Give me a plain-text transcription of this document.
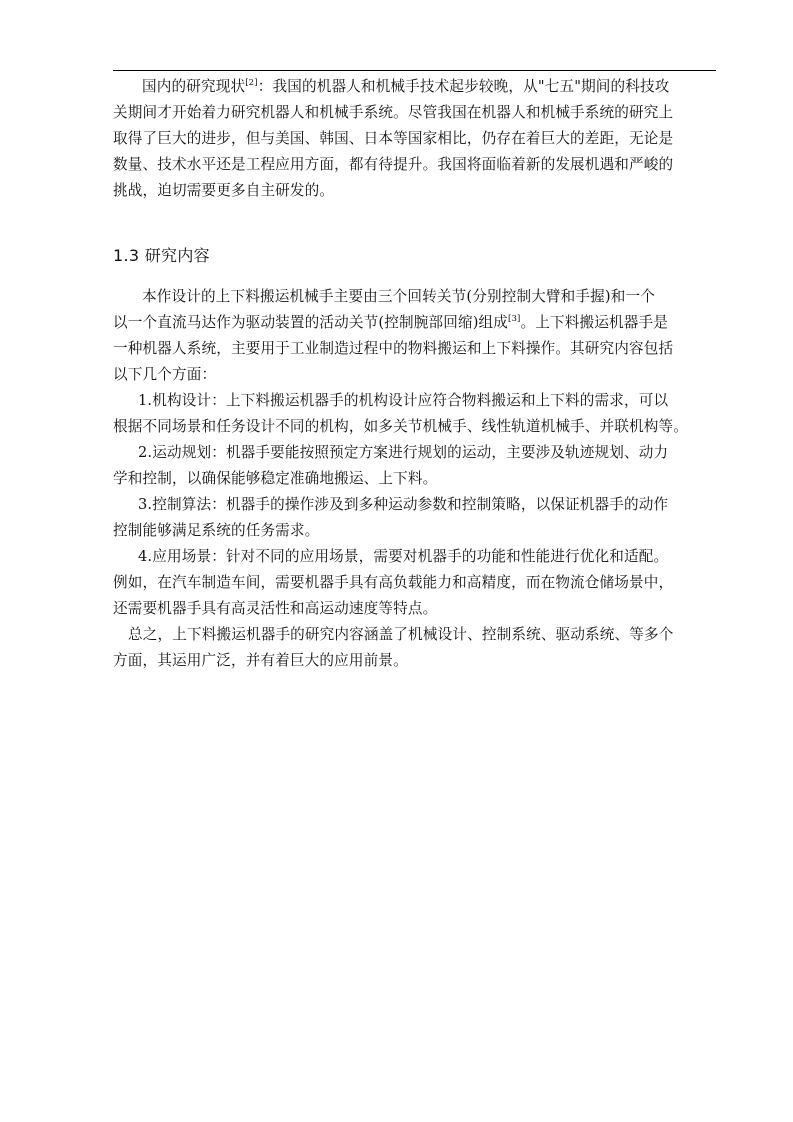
国内的研究现状[2]：我国的机器人和机械手技术起步较晚，从"七五"期间的科技攻
关期间才开始着力研究机器人和机械手系统。尽管我国在机器人和机械手系统的研究上
取得了巨大的进步，但与美国、韩国、日本等国家相比，仍存在着巨大的差距，无论是
数量、技术水平还是工程应用方面，都有待提升。我国将面临着新的发展机遇和严峻的
挑战，迫切需要更多自主研发的。
1.3 研究内容
本作设计的上下料搬运机械手主要由三个回转关节(分别控制大臂和手握)和一个
以一个直流马达作为驱动装置的活动关节(控制腕部回缩)组成[3]。上下料搬运机器手是
一种机器人系统，主要用于工业制造过程中的物料搬运和上下料操作。其研究内容包括
以下几个方面：
1.机构设计：上下料搬运机器手的机构设计应符合物料搬运和上下料的需求，可以
根据不同场景和任务设计不同的机构，如多关节机械手、线性轨道机械手、并联机构等。
2.运动规划：机器手要能按照预定方案进行规划的运动，主要涉及轨迹规划、动力
学和控制，以确保能够稳定准确地搬运、上下料。
3.控制算法：机器手的操作涉及到多种运动参数和控制策略，以保证机器手的动作
控制能够满足系统的任务需求。
4.应用场景：针对不同的应用场景，需要对机器手的功能和性能进行优化和适配。
例如，在汽车制造车间，需要机器手具有高负载能力和高精度，而在物流仓储场景中，
还需要机器手具有高灵活性和高运动速度等特点。
总之，上下料搬运机器手的研究内容涵盖了机械设计、控制系统、驱动系统、等多个
方面，其运用广泛，并有着巨大的应用前景。
